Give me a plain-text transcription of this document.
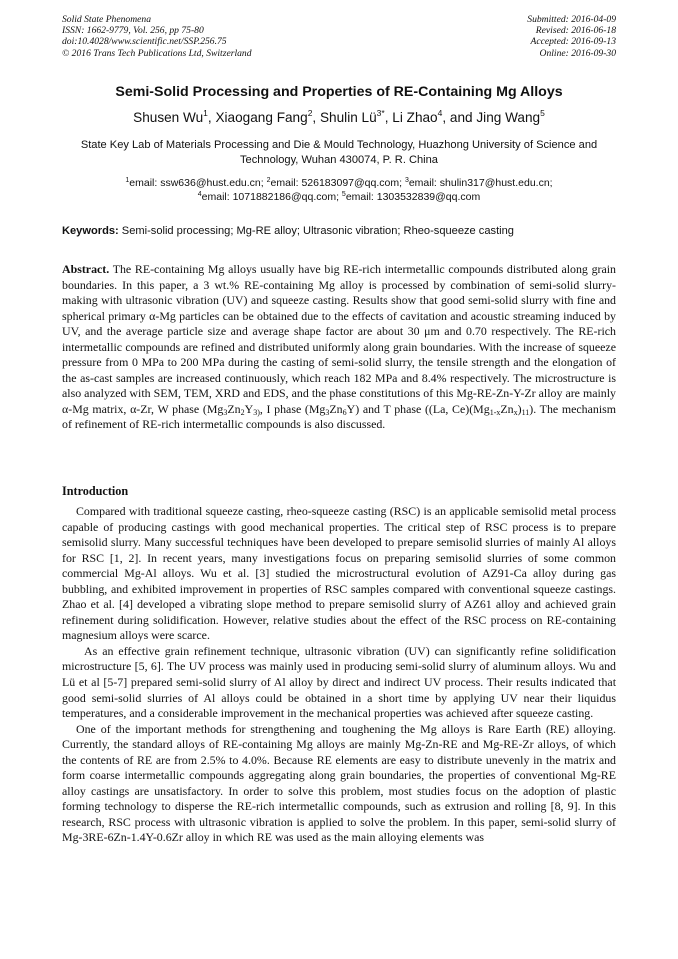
Solid State Phenomena
ISSN: 1662-9779, Vol. 256, pp 75-80
doi:10.4028/www.scientific.net/SSP.256.75
© 2016 Trans Tech Publications Ltd, Switzerland
Submitted: 2016-04-09
Revised: 2016-06-18
Accepted: 2016-09-13
Online: 2016-09-30
Semi-Solid Processing and Properties of RE-Containing Mg Alloys
Shusen Wu$^1$, Xiaogang Fang$^2$, Shulin $Lü^{3*}$, Li Zhao$^4$, and Jing Wang$^5$
State Key Lab of Materials Processing and Die & Mould Technology, Huazhong University of Science and Technology, Wuhan 430074, P. R. China
$^1$email: ssw636@hust.edu.cn; $^2$email: 526183097@qq.com; $^3$email: shulin317@hust.edu.cn;
$^4$email: 1071882186@qq.com; $^5$email: 1303532839@qq.com
Keywords: Semi-solid processing; Mg-RE alloy; Ultrasonic vibration; Rheo-squeeze casting
Abstract. The RE-containing Mg alloys usually have big RE-rich intermetallic compounds distributed along grain boundaries. In this paper, a 3 wt.% RE-containing Mg alloy is processed by combination of semi-solid slurry-making with ultrasonic vibration (UV) and squeeze casting. Results show that good semi-solid slurry with fine and spherical primary α-Mg particles can be obtained due to the effects of cavitation and acoustic streaming induced by UV, and the average particle size and average shape factor are about 30 μm and 0.70 respectively. The RE-rich intermetallic compounds are refined and distributed uniformly along grain boundaries. With the increase of squeeze pressure from 0 MPa to 200 MPa during the casting of semi-solid slurry, the tensile strength and the elongation of the as-cast samples are increased continuously, which reach 182 MPa and 8.4% respectively. The microstructure is also analyzed with SEM, TEM, XRD and EDS, and the phase constitutions of this Mg-RE-Zn-Y-Zr alloy are mainly α-Mg matrix, α-Zr, W phase ($Mg_3Zn_2Y_{3)}$, I phase $(Mg_3Zn_6Y)$ and T phase ((La, $Ce)(Mg_{1-x}Zn_x)_{11}$). The mechanism of refinement of RE-rich intermetallic compounds is also discussed.
Introduction

Compared with traditional squeeze casting, rheo-squeeze casting (RSC) is an applicable semisolid metal process capable of producing castings with good mechanical properties. The critical step of RSC process is to prepare semisolid slurry. Many successful techniques have been developed to prepare semisolid slurries of mainly Al alloys for RSC [1, 2]. In recent years, many investigations focus on preparing semisolid slurries of some common commercial Mg-Al alloys. Wu et al. [3] studied the microstructural evolution of AZ91-Ca alloy during gas bubbling, and exhibited improvement in properties of RSC samples compared with conventional squeeze castings. Zhao et al. [4] developed a vibrating slope method to prepare semisolid slurry of AZ61 alloy and achieved grain refinement during solidification. However, relative studies about the effect of the RSC process on RE-containing magnesium alloys were scarce.

As an effective grain refinement technique, ultrasonic vibration (UV) can significantly refine solidification microstructure [5, 6]. The UV process was mainly used in producing semi-solid slurry of aluminum alloys. Wu and Lü et al [5-7] prepared semi-solid slurry of Al alloy by direct and indirect UV process. Their results indicated that good semi-solid slurries of Al alloys could be obtained in a short time by applying UV near their liquidus temperatures, and a considerable improvement in the mechanical properties was achieved after squeeze casting.

One of the important methods for strengthening and toughening the Mg alloys is Rare Earth (RE) alloying. Currently, the standard alloys of RE-containing Mg alloys are mainly Mg-Zn-RE and Mg-RE-Zr alloys, of which the contents of RE are from 2.5% to 4.0%. Because RE elements are easy to distribute unevenly in the matrix and form coarse intermetallic compounds aggregating along grain boundaries, the properties of conventional Mg-RE alloy castings are unsatisfactory. In order to solve this problem, most studies focus on the adoption of plastic forming technology to disperse the RE-rich intermetallic compounds, such as extrusion and rolling [8, 9]. In this research, RSC process with ultrasonic vibration is applied to solve the problem. In this paper, semi-solid slurry of Mg-3RE-6Zn-1.4Y-0.6Zr alloy in which RE was used as the main alloying elements was
